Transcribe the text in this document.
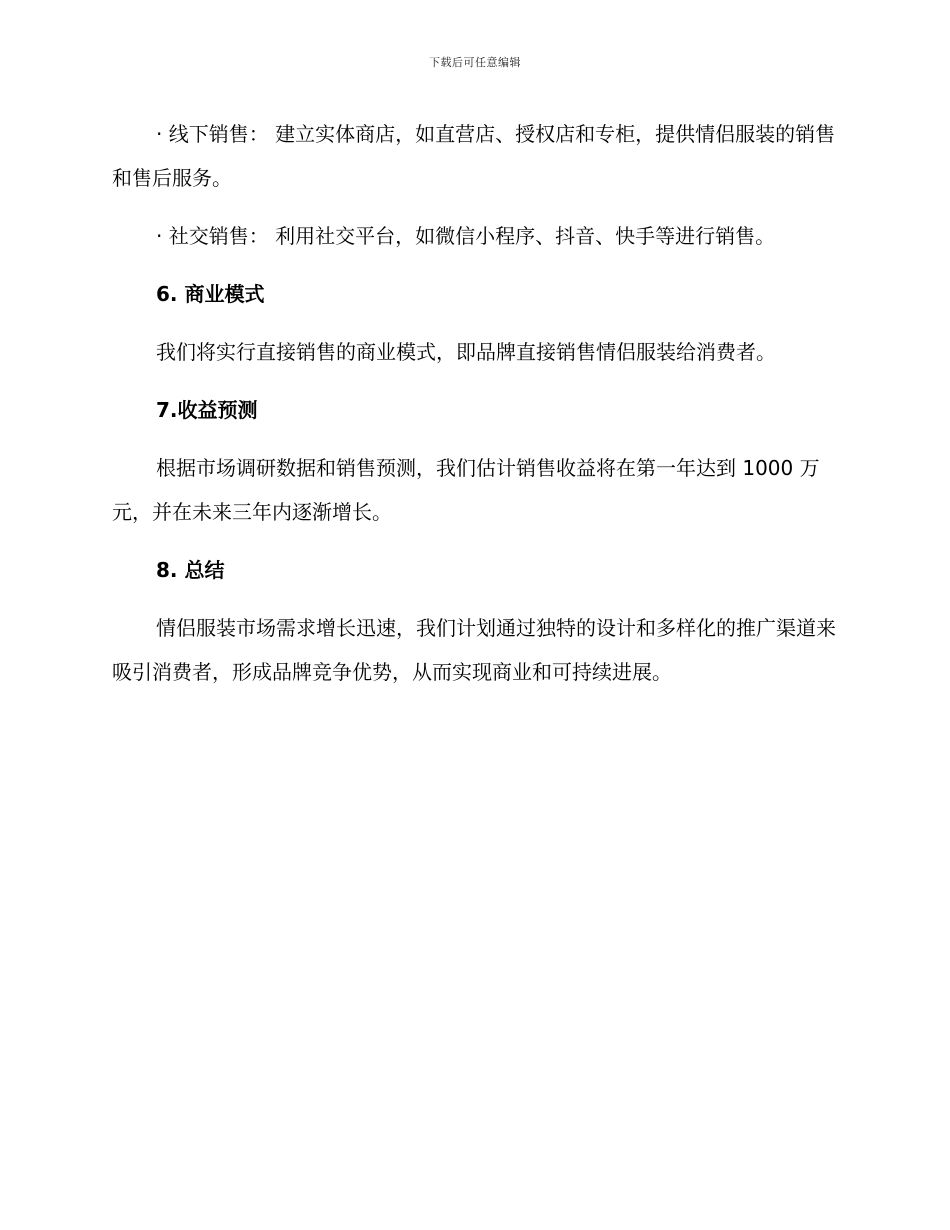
下载后可任意编辑

· 线下销售： 建立实体商店，如直营店、授权店和专柜，提供情侣服装的销售和售后服务。

· 社交销售： 利用社交平台，如微信小程序、抖音、快手等进行销售。

6. 商业模式

我们将实行直接销售的商业模式，即品牌直接销售情侣服装给消费者。

7.收益预测

根据市场调研数据和销售预测，我们估计销售收益将在第一年达到 1000 万元，并在未来三年内逐渐增长。

8. 总结

情侣服装市场需求增长迅速，我们计划通过独特的设计和多样化的推广渠道来吸引消费者，形成品牌竞争优势，从而实现商业和可持续进展。
